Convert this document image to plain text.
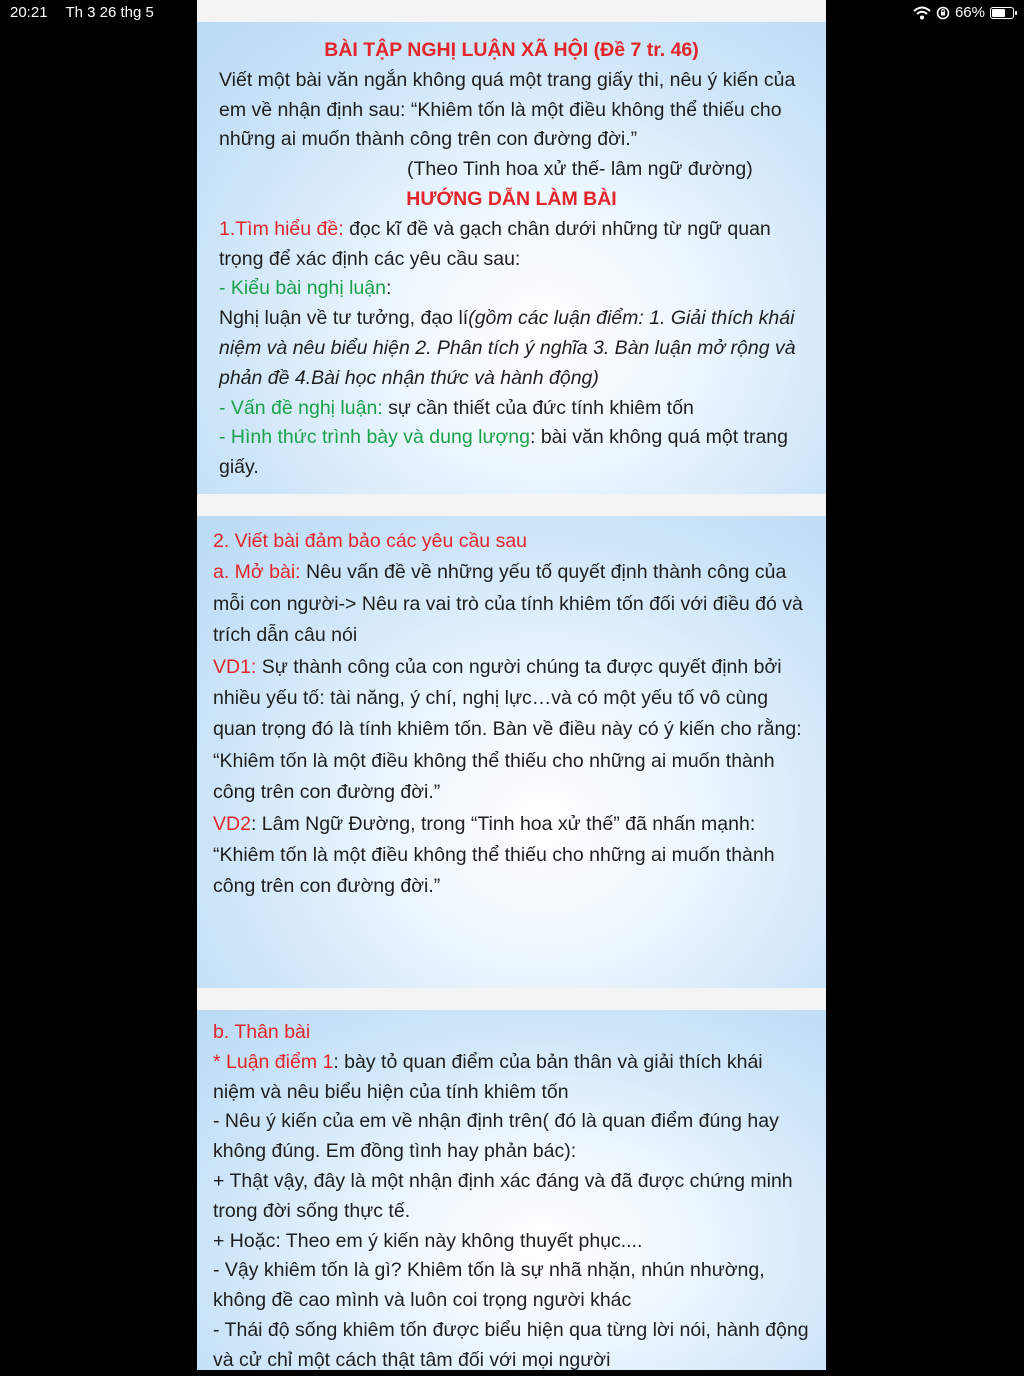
20:21 Th 3 26 thg 5	66%

BÀI TẬP NGHỊ LUẬN XÃ HỘI (Đề 7 tr. 46)

Viết một bài văn ngắn không quá một trang giấy thi, nêu ý kiến của em về nhận định sau: “Khiêm tốn là một điều không thể thiếu cho những ai muốn thành công trên con đường đời.”

(Theo Tinh hoa xử thế- lâm ngữ đường)

HƯỚNG DẪN LÀM BÀI

1.Tìm hiểu đề: đọc kĩ đề và gạch chân dưới những từ ngữ quan trọng để xác định các yêu cầu sau:

- Kiểu bài nghị luận:

Nghị luận về tư tưởng, đạo lí(gồm các luận điểm: 1. Giải thích khái niệm và nêu biểu hiện 2. Phân tích ý nghĩa 3. Bàn luận mở rộng và phản đề 4.Bài học nhận thức và hành động)

- Vấn đề nghị luận: sự cần thiết của đức tính khiêm tốn

- Hình thức trình bày và dung lượng: bài văn không quá một trang giấy.

2. Viết bài đảm bảo các yêu cầu sau

a. Mở bài: Nêu vấn đề về những yếu tố quyết định thành công của mỗi con người-> Nêu ra vai trò của tính khiêm tốn đối với điều đó và trích dẫn câu nói

VD1: Sự thành công của con người chúng ta được quyết định bởi nhiều yếu tố: tài năng, ý chí, nghị lực…và có một yếu tố vô cùng quan trọng đó là tính khiêm tốn. Bàn về điều này có ý kiến cho rằng: “Khiêm tốn là một điều không thể thiếu cho những ai muốn thành công trên con đường đời.”

VD2: Lâm Ngữ Đường, trong “Tinh hoa xử thế” đã nhấn mạnh: “Khiêm tốn là một điều không thể thiếu cho những ai muốn thành công trên con đường đời.”

b. Thân bài

* Luận điểm 1: bày tỏ quan điểm của bản thân và giải thích khái niệm và nêu biểu hiện của tính khiêm tốn

- Nêu ý kiến của em về nhận định trên( đó là quan điểm đúng hay không đúng. Em đồng tình hay phản bác):

+ Thật vậy, đây là một nhận định xác đáng và đã được chứng minh trong đời sống thực tế.

+ Hoặc: Theo em ý kiến này không thuyết phục....

- Vậy khiêm tốn là gì? Khiêm tốn là sự nhã nhặn, nhún nhường, không đề cao mình và luôn coi trọng người khác

- Thái độ sống khiêm tốn được biểu hiện qua từng lời nói, hành động và cử chỉ một cách thật tâm đối với mọi người
